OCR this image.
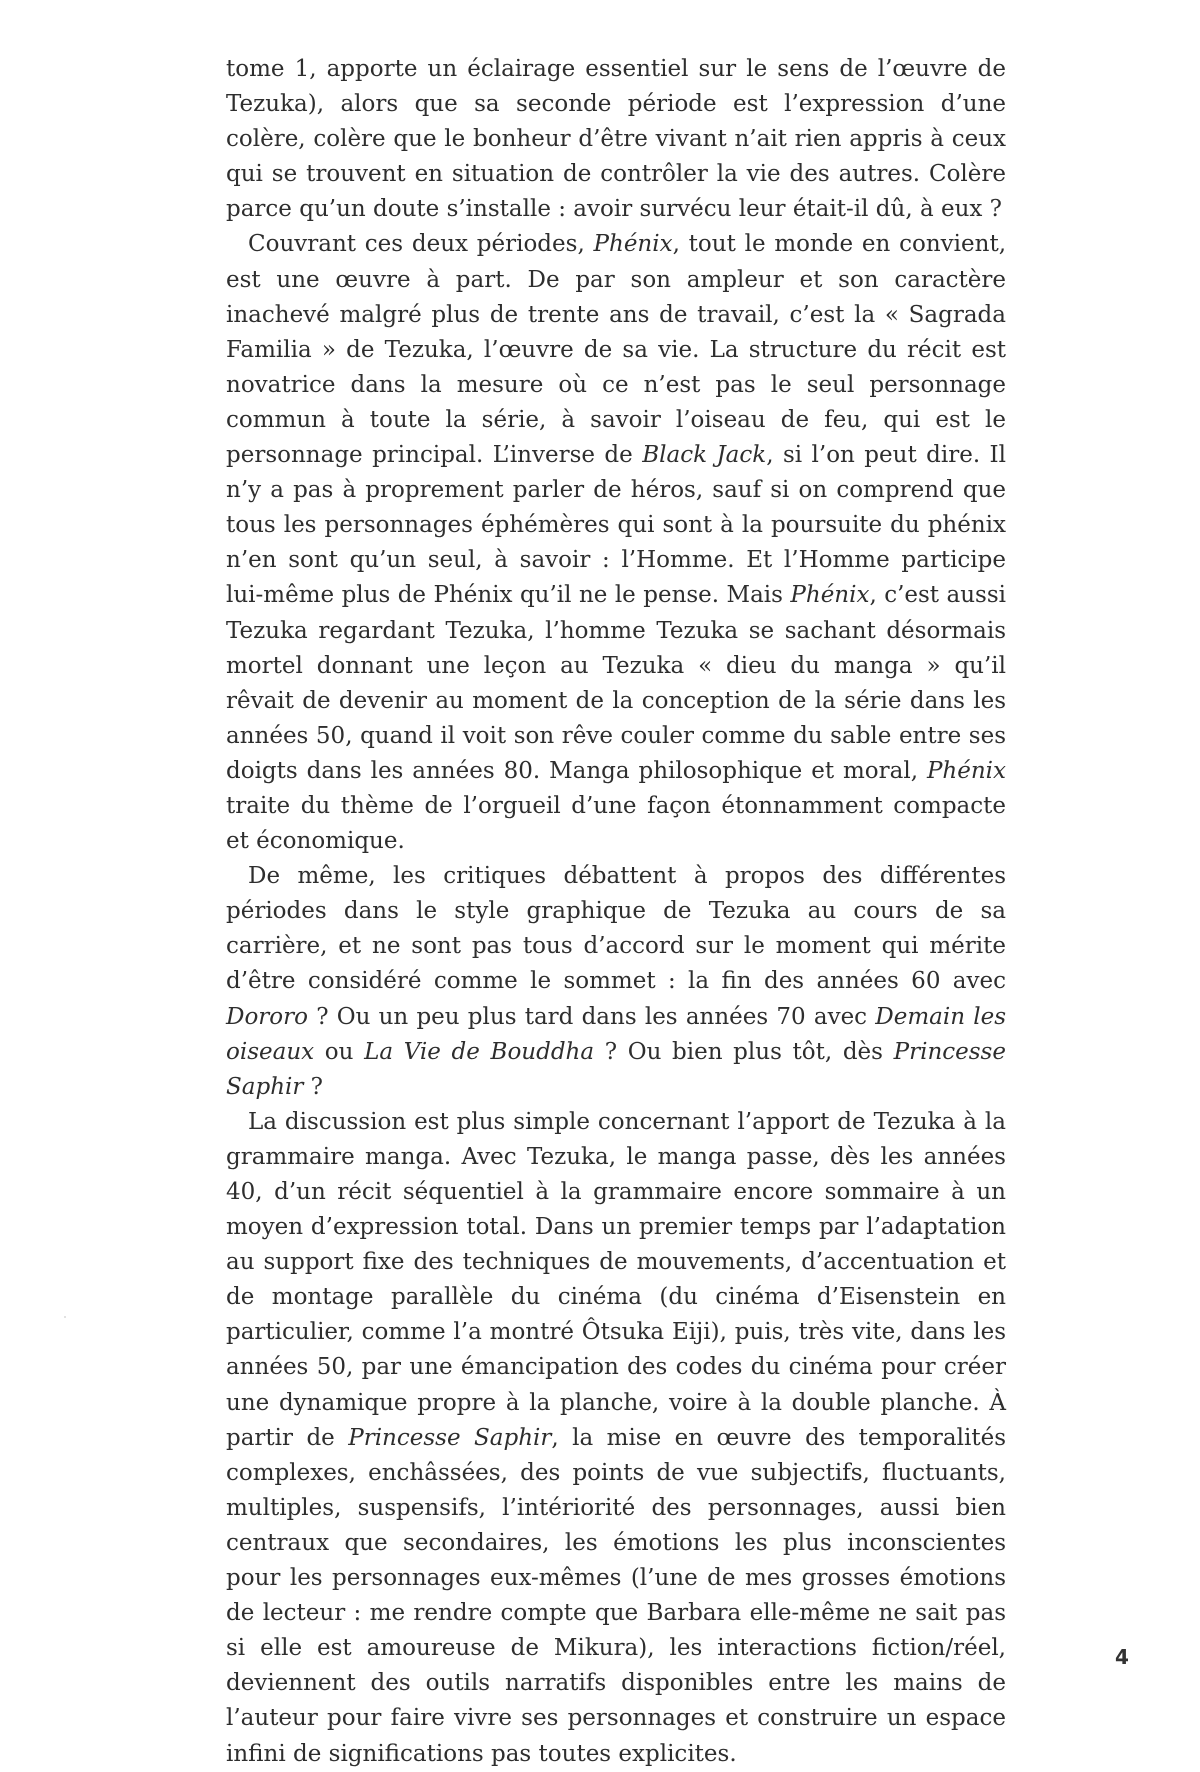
tome 1, apporte un éclairage essentiel sur le sens de l’œuvre de Tezuka), alors que sa seconde période est l’expression d’une colère, colère que le bonheur d’être vivant n’ait rien appris à ceux qui se trouvent en situation de contrôler la vie des autres. Colère parce qu’un doute s’installe : avoir survécu leur était-il dû, à eux ?

Couvrant ces deux périodes, Phénix, tout le monde en convient, est une œuvre à part. De par son ampleur et son caractère inachevé malgré plus de trente ans de travail, c’est la « Sagrada Familia » de Tezuka, l’œuvre de sa vie. La structure du récit est novatrice dans la mesure où ce n’est pas le seul personnage commun à toute la série, à savoir l’oiseau de feu, qui est le personnage principal. L’inverse de Black Jack, si l’on peut dire. Il n’y a pas à proprement parler de héros, sauf si on comprend que tous les personnages éphémères qui sont à la poursuite du phénix n’en sont qu’un seul, à savoir : l’Homme. Et l’Homme participe lui-même plus de Phénix qu’il ne le pense. Mais Phénix, c’est aussi Tezuka regardant Tezuka, l’homme Tezuka se sachant désormais mortel donnant une leçon au Tezuka « dieu du manga » qu’il rêvait de devenir au moment de la conception de la série dans les années 50, quand il voit son rêve couler comme du sable entre ses doigts dans les années 80. Manga philosophique et moral, Phénix traite du thème de l’orgueil d’une façon étonnamment compacte et économique.

De même, les critiques débattent à propos des différentes périodes dans le style graphique de Tezuka au cours de sa carrière, et ne sont pas tous d’accord sur le moment qui mérite d’être considéré comme le sommet : la fin des années 60 avec Dororo ? Ou un peu plus tard dans les années 70 avec Demain les oiseaux ou La Vie de Bouddha ? Ou bien plus tôt, dès Princesse Saphir ?

La discussion est plus simple concernant l’apport de Tezuka à la grammaire manga. Avec Tezuka, le manga passe, dès les années 40, d’un récit séquentiel à la grammaire encore sommaire à un moyen d’expression total. Dans un premier temps par l’adaptation au support fixe des techniques de mouvements, d’accentuation et de montage parallèle du cinéma (du cinéma d’Eisenstein en particulier, comme l’a montré Ôtsuka Eiji), puis, très vite, dans les années 50, par une émancipation des codes du cinéma pour créer une dynamique propre à la planche, voire à la double planche. À partir de Princesse Saphir, la mise en œuvre des temporalités complexes, enchâssées, des points de vue subjectifs, fluctuants, multiples, suspensifs, l’intériorité des personnages, aussi bien centraux que secondaires, les émotions les plus inconscientes pour les personnages eux-mêmes (l’une de mes grosses émotions de lecteur : me rendre compte que Barbara elle-même ne sait pas si elle est amoureuse de Mikura), les interactions fiction/réel, deviennent des outils narratifs disponibles entre les mains de l’auteur pour faire vivre ses personnages et construire un espace infini de significations pas toutes explicites.

4
